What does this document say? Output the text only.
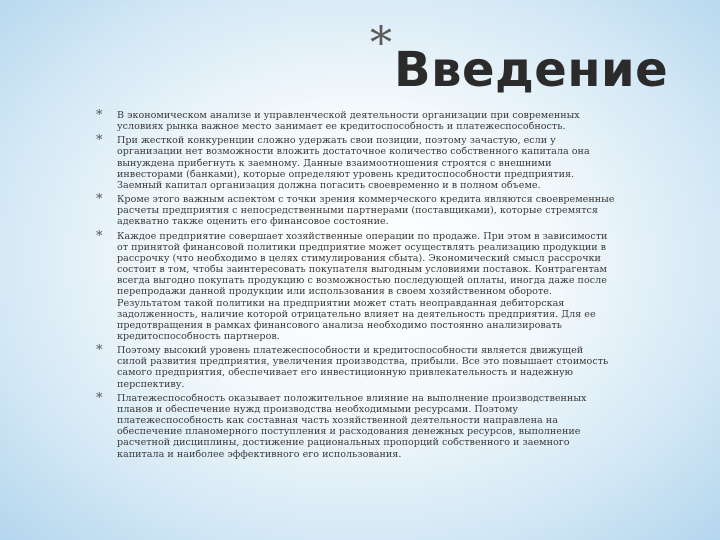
* Введение
* В экономическом анализе и управленческой деятельности организации при современных условиях рынка важное место занимает ее кредитоспособность и платежеспособность.
* При жесткой конкуренции сложно удержать свои позиции, поэтому зачастую, если у организации нет возможности вложить достаточное количество собственного капитала она вынуждена прибегнуть к заемному. Данные взаимоотношения строятся с внешними инвесторами (банками), которые определяют уровень кредитоспособности предприятия. Заемный капитал организация должна погасить своевременно и в полном объеме.
* Кроме этого важным аспектом с точки зрения коммерческого кредита являются своевременные расчеты предприятия с непосредственными партнерами (поставщиками), которые стремятся адекватно также оценить его финансовое состояние.
* Каждое предприятие совершает хозяйственные операции по продаже. При этом в зависимости от принятой финансовой политики предприятие может осуществлять реализацию продукции в рассрочку (что необходимо в целях стимулирования сбыта). Экономический смысл рассрочки состоит в том, чтобы заинтересовать покупателя выгодным условиями поставок. Контрагентам всегда выгодно покупать продукцию с возможностью последующей оплаты, иногда даже после перепродажи данной продукции или использования в своем хозяйственном обороте. Результатом такой политики на предприятии может стать неоправданная дебиторская задолженность, наличие которой отрицательно влияет на деятельность предприятия. Для ее предотвращения в рамках финансового анализа необходимо постоянно анализировать кредитоспособность партнеров.
* Поэтому высокий уровень платежеспособности и кредитоспособности является движущей силой развития предприятия, увеличения производства, прибыли. Все это повышает стоимость самого предприятия, обеспечивает его инвестиционную привлекательность и надежную перспективу.
* Платежеспособность оказывает положительное влияние на выполнение производственных планов и обеспечение нужд производства необходимыми ресурсами. Поэтому платежеспособность как составная часть хозяйственной деятельности направлена на обеспечение планомерного поступления и расходования денежных ресурсов, выполнение расчетной дисциплины, достижение рациональных пропорций собственного и заемного капитала и наиболее эффективного его использования.
